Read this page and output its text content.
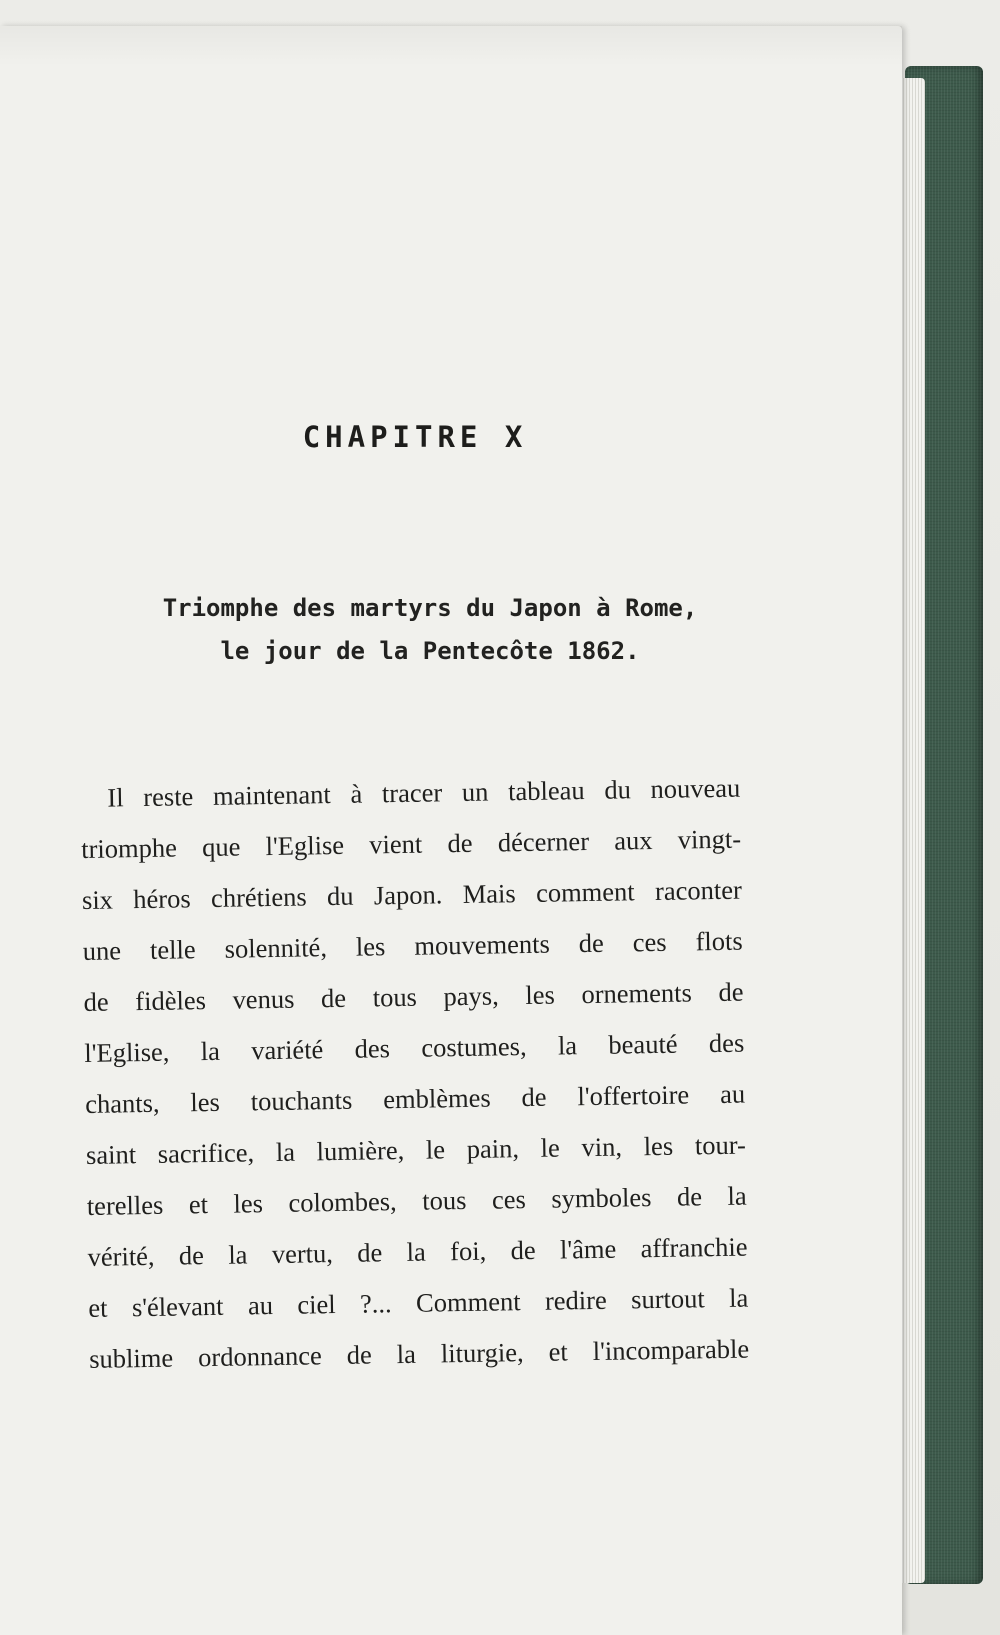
CHAPITRE X
Triomphe des martyrs du Japon à Rome,
le jour de la Pentecôte 1862.
Il reste maintenant à tracer un tableau du nouveau
triomphe que l'Eglise vient de décerner aux vingt-
six héros chrétiens du Japon. Mais comment raconter
une telle solennité, les mouvements de ces flots
de fidèles venus de tous pays, les ornements de
l'Eglise, la variété des costumes, la beauté des
chants, les touchants emblèmes de l'offertoire au
saint sacrifice, la lumière, le pain, le vin, les tour-
terelles et les colombes, tous ces symboles de la
vérité, de la vertu, de la foi, de l'âme affranchie
et s'élevant au ciel ?... Comment redire surtout la
sublime ordonnance de la liturgie, et l'incomparable
